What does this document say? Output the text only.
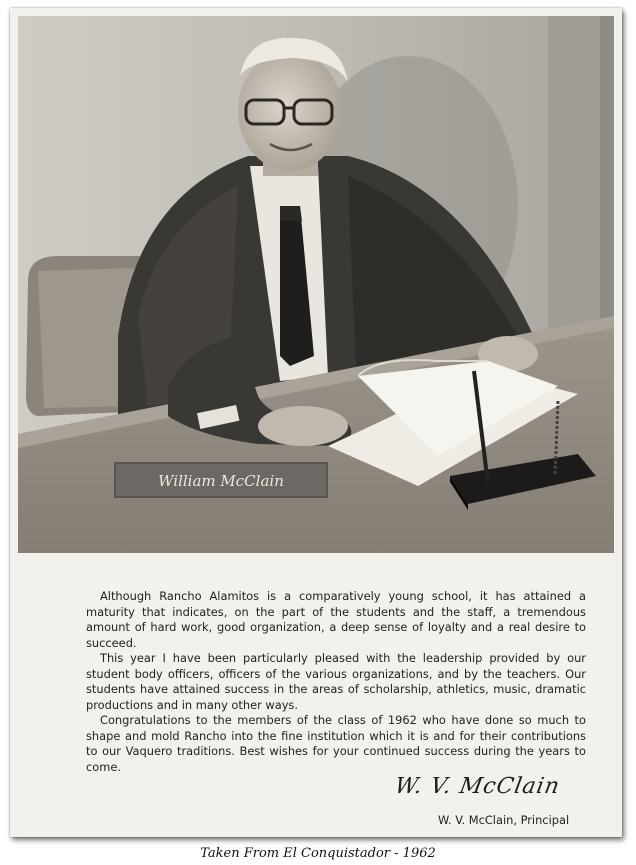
William McClain

Although Rancho Alamitos is a comparatively young school, it has attained a maturity that indicates, on the part of the students and the staff, a tremendous amount of hard work, good organization, a deep sense of loyalty and a real desire to succeed.

This year I have been particularly pleased with the leadership provided by our student body officers, officers of the various organizations, and by the teachers. Our students have attained success in the areas of scholarship, athletics, music, dramatic productions and in many other ways.

Congratulations to the members of the class of 1962 who have done so much to shape and mold Rancho into the fine institution which it is and for their contributions to our Vaquero traditions. Best wishes for your continued success during the years to come.

W. V. McClain
W. V. McClain, Principal
Taken From El Conquistador - 1962
